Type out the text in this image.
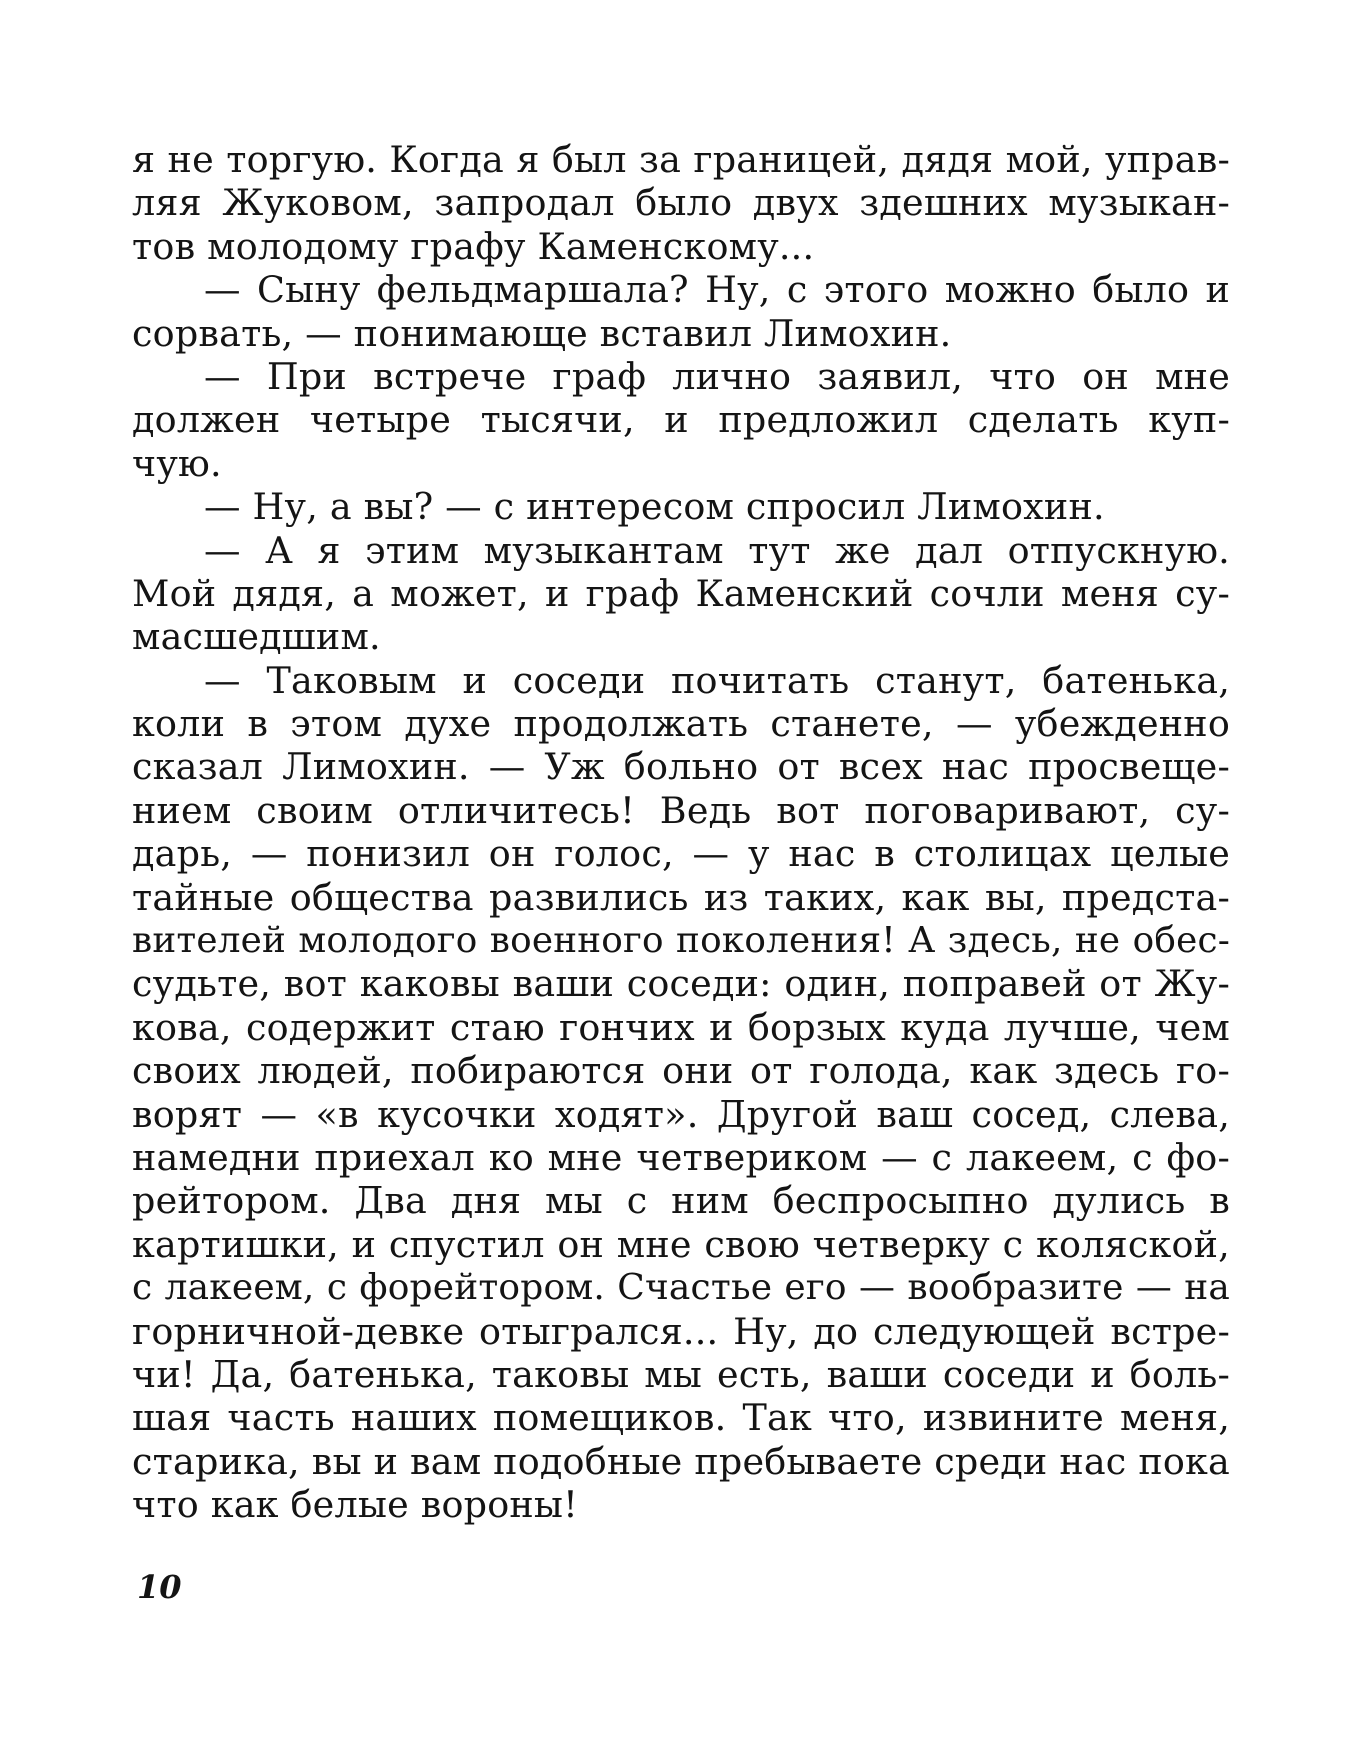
я не торгую. Когда я был за границей, дядя мой, управ-
ляя Жуковом, запродал было двух здешних музыкан-
тов молодому графу Каменскому...
— Сыну фельдмаршала? Ну, с этого можно было и
сорвать, — понимающе вставил Лимохин.
— При встрече граф лично заявил, что он мне
должен четыре тысячи, и предложил сделать куп-
чую.
— Ну, а вы? — с интересом спросил Лимохин.
— А я этим музыкантам тут же дал отпускную.
Мой дядя, а может, и граф Каменский сочли меня су-
масшедшим.
— Таковым и соседи почитать станут, батенька,
коли в этом духе продолжать станете, — убежденно
сказал Лимохин. — Уж больно от всех нас просвеще-
нием своим отличитесь! Ведь вот поговаривают, су-
дарь, — понизил он голос, — у нас в столицах целые
тайные общества развились из таких, как вы, предста-
вителей молодого военного поколения! А здесь, не обес-
судьте, вот каковы ваши соседи: один, поправей от Жу-
кова, содержит стаю гончих и борзых куда лучше, чем
своих людей, побираются они от голода, как здесь го-
ворят — «в кусочки ходят». Другой ваш сосед, слева,
намедни приехал ко мне четвериком — с лакеем, с фо-
рейтором. Два дня мы с ним беспросыпно дулись в
картишки, и спустил он мне свою четверку с коляской,
с лакеем, с форейтором. Счастье его — вообразите — на
горничной-девке отыгрался... Ну, до следующей встре-
чи! Да, батенька, таковы мы есть, ваши соседи и боль-
шая часть наших помещиков. Так что, извините меня,
старика, вы и вам подобные пребываете среди нас пока
что как белые вороны!
10
